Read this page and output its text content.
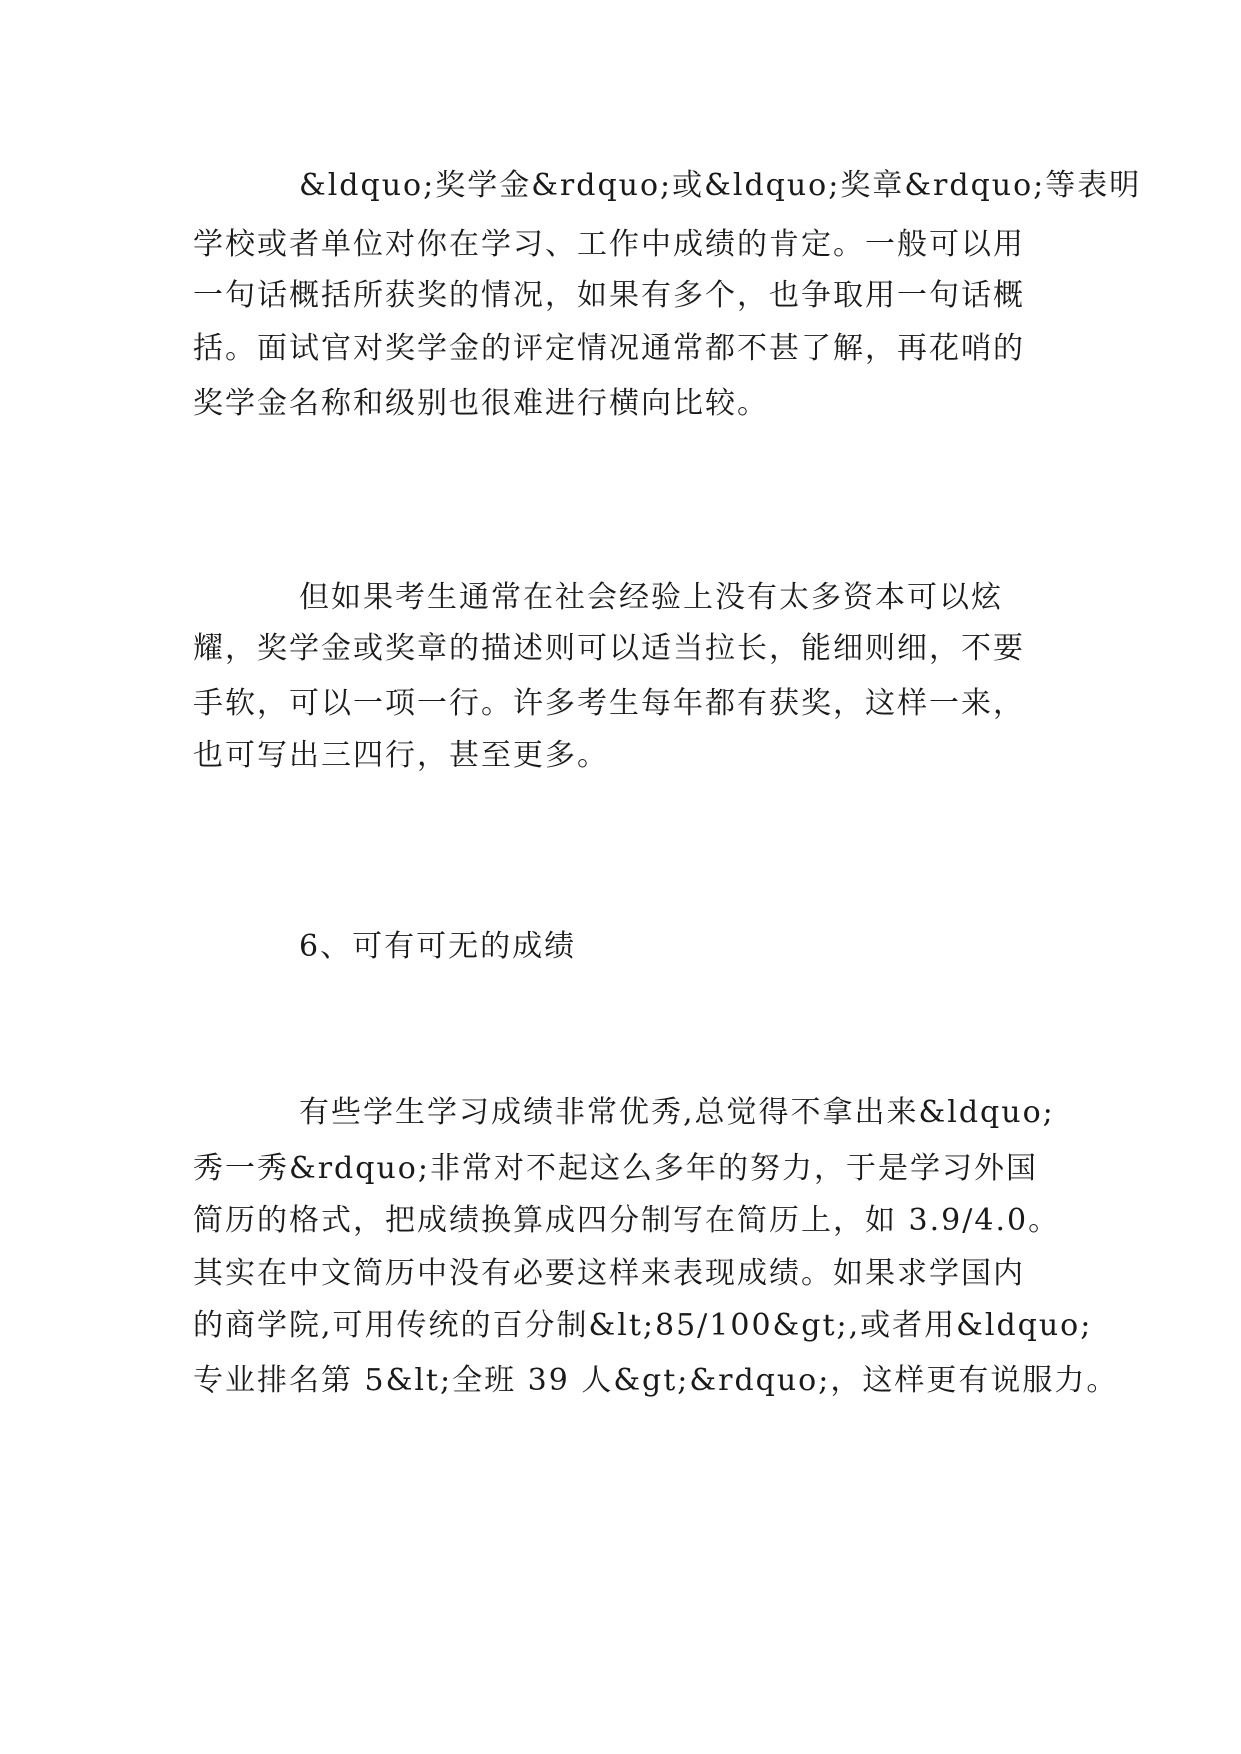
&ldquo;奖学金&rdquo;或&ldquo;奖章&rdquo;等表明
学校或者单位对你在学习、工作中成绩的肯定。一般可以用
一句话概括所获奖的情况，如果有多个，也争取用一句话概
括。面试官对奖学金的评定情况通常都不甚了解，再花哨的
奖学金名称和级别也很难进行横向比较。
但如果考生通常在社会经验上没有太多资本可以炫
耀，奖学金或奖章的描述则可以适当拉长，能细则细，不要
手软，可以一项一行。许多考生每年都有获奖，这样一来，
也可写出三四行，甚至更多。
6、可有可无的成绩
有些学生学习成绩非常优秀,总觉得不拿出来&ldquo;
秀一秀&rdquo;非常对不起这么多年的努力，于是学习外国
简历的格式，把成绩换算成四分制写在简历上，如 3.9/4.0。
其实在中文简历中没有必要这样来表现成绩。如果求学国内
的商学院,可用传统的百分制&lt;85/100&gt;,或者用&ldquo;
专业排名第 5&lt;全班 39 人&gt;&rdquo;，这样更有说服力。
